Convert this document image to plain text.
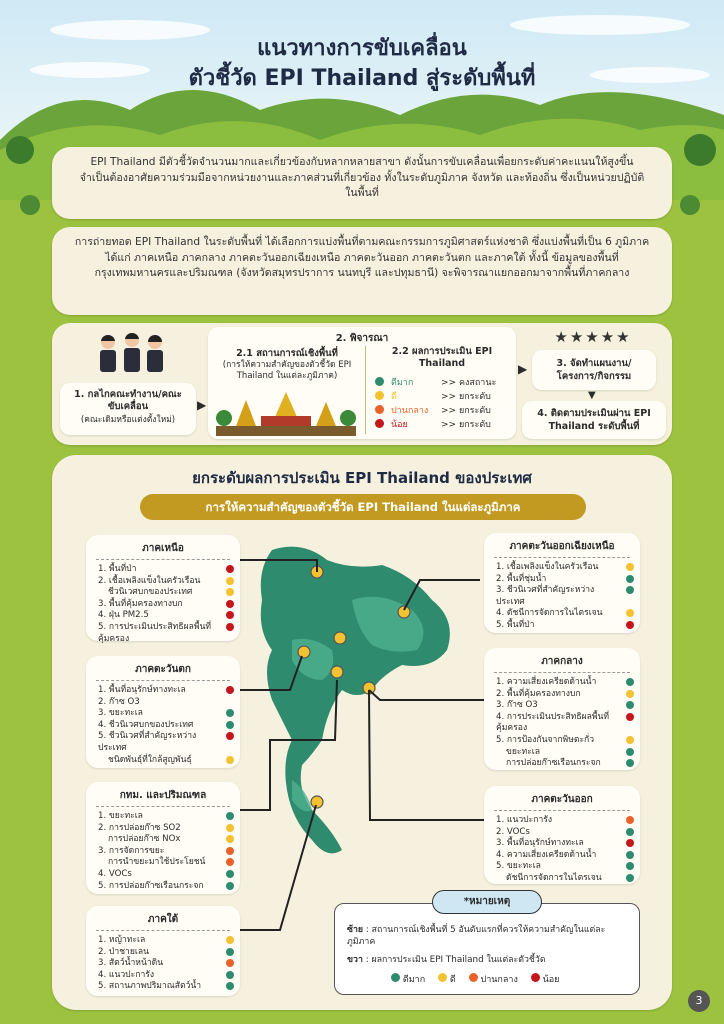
แนวทางการขับเคลื่อน
ตัวชี้วัด EPI Thailand สู่ระดับพื้นที่
EPI Thailand มีตัวชี้วัดจำนวนมากและเกี่ยวข้องกับหลากหลายสาขา ดังนั้นการขับเคลื่อนเพื่อยกระดับค่าคะแนนให้สูงขึ้น จำเป็นต้องอาศัยความร่วมมือจากหน่วยงานและภาคส่วนที่เกี่ยวข้อง ทั้งในระดับภูมิภาค จังหวัด และท้องถิ่น ซึ่งเป็นหน่วยปฏิบัติในพื้นที่
การถ่ายทอด EPI Thailand ในระดับพื้นที่ ได้เลือกการแบ่งพื้นที่ตามคณะกรรมการภูมิศาสตร์แห่งชาติ ซึ่งแบ่งพื้นที่เป็น 6 ภูมิภาค ได้แก่ ภาคเหนือ ภาคกลาง ภาคตะวันออกเฉียงเหนือ ภาคตะวันออก ภาคตะวันตก และภาคใต้ ทั้งนี้ ข้อมูลของพื้นที่กรุงเทพมหานครและปริมณฑล (จังหวัดสมุทรปราการ นนทบุรี และปทุมธานี) จะพิจารณาแยกออกมาจากพื้นที่ภาคกลาง
1. กลไกคณะทำงาน/คณะขับเคลื่อน
(คณะเดิมหรือแต่งตั้งใหม่)
▶
2. พิจารณา
2.1 สถานการณ์เชิงพื้นที่
(การให้ความสำคัญของตัวชี้วัด EPI Thailand ในแต่ละภูมิภาค)
2.2 ผลการประเมิน EPI Thailand
ดีมาก	>> คงสถานะ
ดี	>> ยกระดับ
ปานกลาง >> ยกระดับ
น้อย	>> ยกระดับ
▶
★★★★★
3. จัดทำแผนงาน/โครงการ/กิจกรรม
▼
4. ติดตามประเมินผ่าน EPI Thailand ระดับพื้นที่
ยกระดับผลการประเมิน EPI Thailand ของประเทศ
การให้ความสำคัญของตัวชี้วัด EPI Thailand ในแต่ละภูมิภาค
ภาคเหนือ
1. พื้นที่ป่า
2. เชื้อเพลิงแข็งในครัวเรือน
ชีวนิเวศบกของประเทศ
3. พื้นที่คุ้มครองทางบก
4. ฝุ่น PM2.5
5. การประเมินประสิทธิผลพื้นที่คุ้มครอง
ภาคตะวันตก
1. พื้นที่อนุรักษ์ทางทะเล
2. ก๊าซ O3
3. ขยะทะเล
4. ชีวนิเวศบกของประเทศ
5. ชีวนิเวศที่สำคัญระหว่างประเทศ
ชนิดพันธุ์ที่ใกล้สูญพันธุ์
กทม. และปริมณฑล
1. ขยะทะเล
2. การปล่อยก๊าซ SO2
การปล่อยก๊าซ NOx
3. การจัดการขยะ
การนำขยะมาใช้ประโยชน์
4. VOCs
5. การปล่อยก๊าซเรือนกระจก
ภาคใต้
1. หญ้าทะเล
2. ป่าชายเลน
3. สัตว์น้ำหน้าดิน
4. แนวปะการัง
5. สถานภาพปริมาณสัตว์น้ำ
ภาคตะวันออกเฉียงเหนือ
1. เชื้อเพลิงแข็งในครัวเรือน
2. พื้นที่ชุ่มน้ำ
3. ชีวนิเวศที่สำคัญระหว่างประเทศ
4. ดัชนีการจัดการในไตรเจน
5. พื้นที่ป่า
ภาคกลาง
1. ความเสี่ยงเครียดด้านน้ำ
2. พื้นที่คุ้มครองทางบก
3. ก๊าซ O3
4. การประเมินประสิทธิผลพื้นที่คุ้มครอง
5. การป้องกันจากพิษตะกั่ว
ขยะทะเล
การปล่อยก๊าซเรือนกระจก
ภาคตะวันออก
1. แนวปะการัง
2. VOCs
3. พื้นที่อนุรักษ์ทางทะเล
4. ความเสี่ยงเครียดด้านน้ำ
5. ขยะทะเล
ดัชนีการจัดการในไตรเจน
ซ้าย : สถานการณ์เชิงพื้นที่ 5 อันดับแรกที่ควรให้ความสำคัญในแต่ละภูมิภาค
ขวา : ผลการประเมิน EPI Thailand ในแต่ละตัวชี้วัด
ดีมาก	ดี	ปานกลาง	น้อย
*หมายเหตุ
3
